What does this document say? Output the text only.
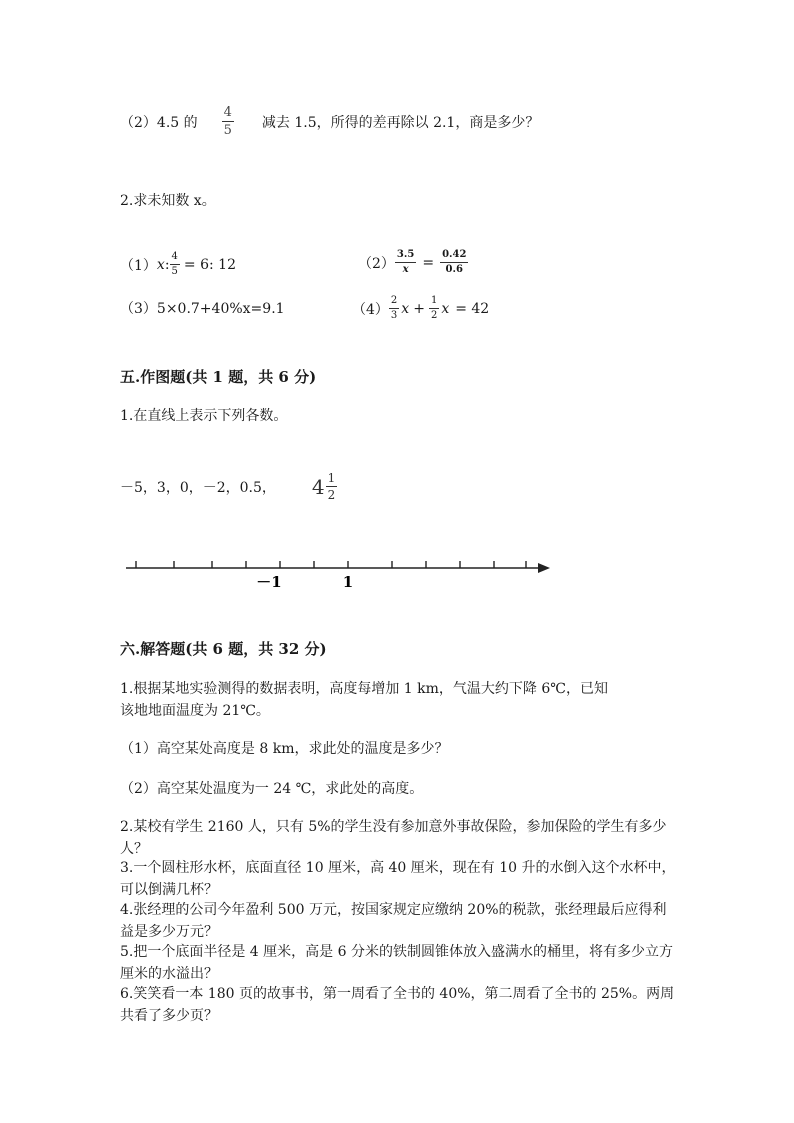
（2）4.5 的 $\frac{4}{5}$ 减去 1.5，所得的差再除以 2.1，商是多少？
2.求未知数 x。
（1） x : $\frac{4}{5} = 6$: 12	$(2) \frac{3.5}{x} = \frac{0.42}{0.6}$
（3）5×0.7+40%x=9.1	$(4) \frac{2}{3}$ $x + \frac{1}{2}$ x = 42
五.作图题(共 1 题，共 6 分)
1.在直线上表示下列各数。
－5，3，0，－2，0.5， $4 \frac{1}{2}$
－1	1
六.解答题(共 6 题，共 32 分)
1.根据某地实验测得的数据表明，高度每增加 1 km，气温大约下降 6℃，已知
该地地面温度为 21℃。
（1）高空某处高度是 8 km，求此处的温度是多少？
（2）高空某处温度为一 24 ℃，求此处的高度。
2.某校有学生 2160 人，只有 5%的学生没有参加意外事故保险，参加保险的学生有多少人？
3.一个圆柱形水杯，底面直径 10 厘米，高 40 厘米，现在有 10 升的水倒入这个水杯中，可以倒满几杯？
4.张经理的公司今年盈利 500 万元，按国家规定应缴纳 20%的税款，张经理最后应得利益是多少万元？
5.把一个底面半径是 4 厘米，高是 6 分米的铁制圆锥体放入盛满水的桶里，将有多少立方厘米的水溢出？
6.笑笑看一本 180 页的故事书，第一周看了全书的 40%，第二周看了全书的 25%。两周共看了多少页？
